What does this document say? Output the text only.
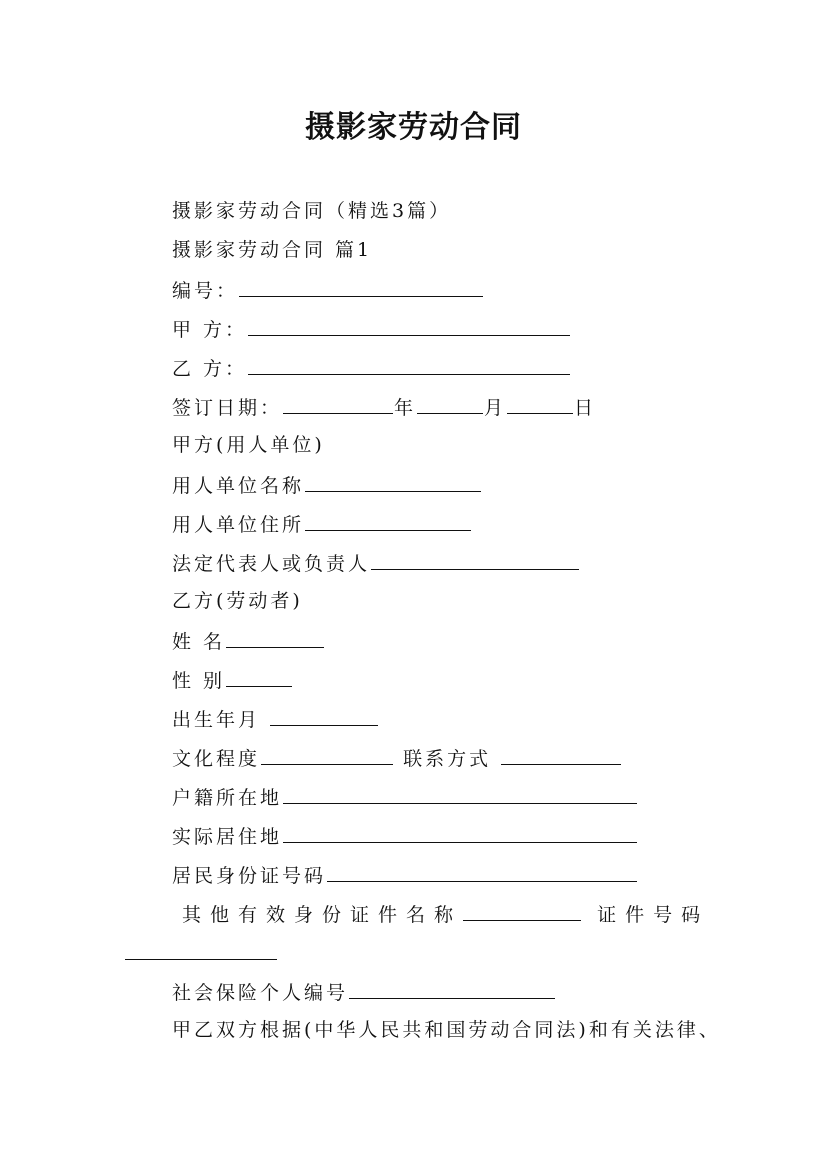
摄影家劳动合同
摄影家劳动合同（精选3篇）
摄影家劳动合同 篇1
编号：
甲 方：
乙 方：
签订日期：	年	月	日
甲方(用人单位)
用人单位名称
用人单位住所
法定代表人或负责人
乙方(劳动者)
姓 名
性 别
出生年月
文化程度	联系方式
户籍所在地
实际居住地
居民身份证号码
其他有效身份证件名称	证件号码
社会保险个人编号
甲乙双方根据(中华人民共和国劳动合同法)和有关法律、
